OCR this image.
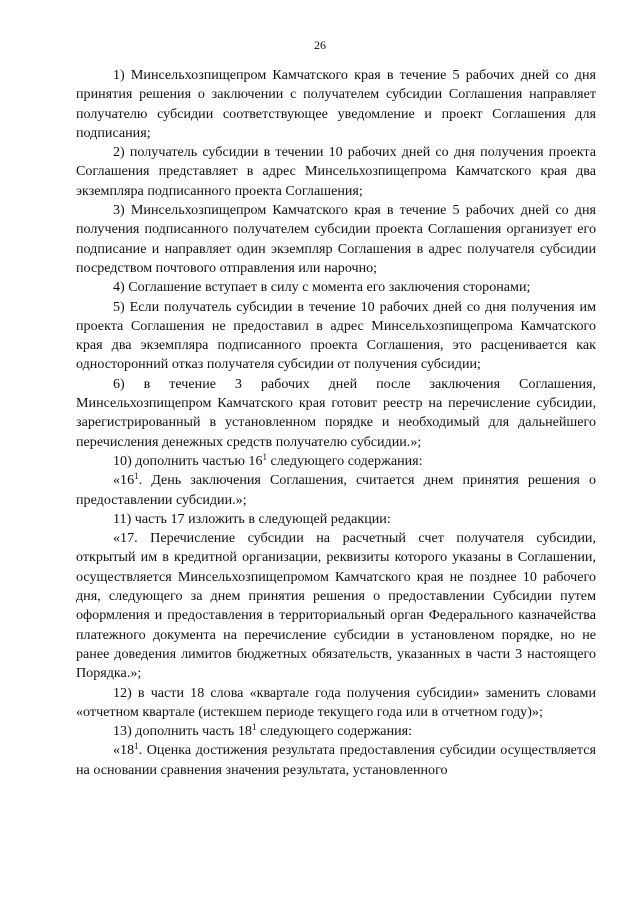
26

1) Минсельхозпищепром Камчатского края в течение 5 рабочих дней со дня принятия решения о заключении с получателем субсидии Соглашения направляет получателю субсидии соответствующее уведомление и проект Соглашения для подписания;

2) получатель субсидии в течении 10 рабочих дней со дня получения проекта Соглашения представляет в адрес Минсельхозпищепрома Камчатского края два экземпляра подписанного проекта Соглашения;

3) Минсельхозпищепром Камчатского края в течение 5 рабочих дней со дня получения подписанного получателем субсидии проекта Соглашения организует его подписание и направляет один экземпляр Соглашения в адрес получателя субсидии посредством почтового отправления или нарочно;

4) Соглашение вступает в силу с момента его заключения сторонами;

5) Если получатель субсидии в течение 10 рабочих дней со дня получения им проекта Соглашения не предоставил в адрес Минсельхозпищепрома Камчатского края два экземпляра подписанного проекта Соглашения, это расценивается как односторонний отказ получателя субсидии от получения субсидии;

6) в течение 3 рабочих дней после заключения Соглашения, Минсельхозпищепром Камчатского края готовит реестр на перечисление субсидии, зарегистрированный в установленном порядке и необходимый для дальнейшего перечисления денежных средств получателю субсидии.»;

10) дополнить частью $16^1$ следующего содержания:

«$16^1$. День заключения Соглашения, считается днем принятия решения о предоставлении субсидии.»;

11) часть 17 изложить в следующей редакции:

«17. Перечисление субсидии на расчетный счет получателя субсидии, открытый им в кредитной организации, реквизиты которого указаны в Соглашении, осуществляется Минсельхозпищепромом Камчатского края не позднее 10 рабочего дня, следующего за днем принятия решения о предоставлении Субсидии путем оформления и предоставления в территориальный орган Федерального казначейства платежного документа на перечисление субсидии в установленом порядке, но не ранее доведения лимитов бюджетных обязательств, указанных в части 3 настоящего Порядка.»;

12) в части 18 слова «квартале года получения субсидии» заменить словами «отчетном квартале (истекшем периоде текущего года или в отчетном году)»;

13) дополнить часть $18^1$ следующего содержания:

«$18^1$. Оценка достижения результата предоставления субсидии осуществляется на основании сравнения значения результата, установленного
